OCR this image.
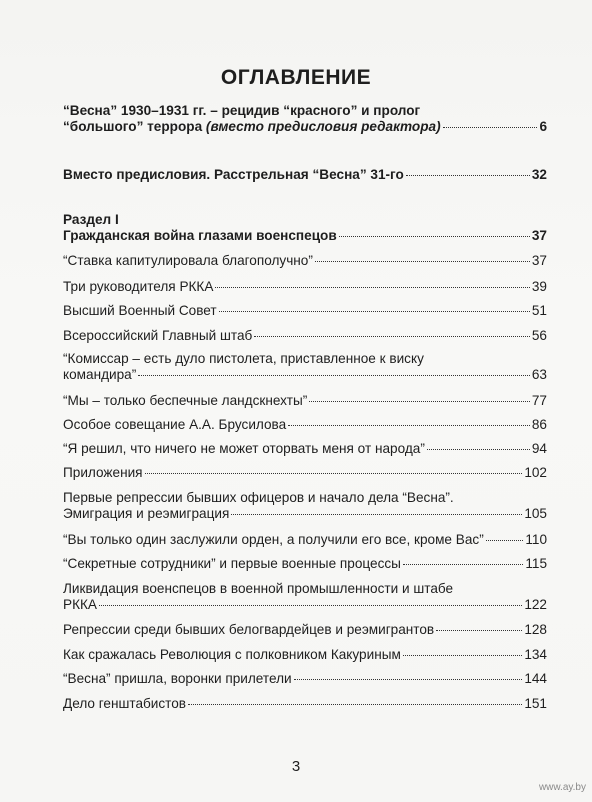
ОГЛАВЛЕНИЕ
“Весна” 1930–1931 гг. – рецидив “красного” и пролог
“большого” террора (вместо предисловия редактора)	6
Вместо предисловия. Расстрельная “Весна” 31-го	32
Раздел I
Гражданская война глазами военспецов	37
“Ставка капитулировала благополучно”	37
Три руководителя РККА	39
Высший Военный Совет	51
Всероссийский Главный штаб	56
“Комиссар – есть дуло пистолета, приставленное к виску
командира”	63
“Мы – только беспечные ландскнехты”	77
Особое совещание А.А. Брусилова	86
“Я решил, что ничего не может оторвать меня от народа”	94
Приложения	102
Первые репрессии бывших офицеров и начало дела “Весна”.
Эмиграция и реэмиграция	105
“Вы только один заслужили орден, а получили его все, кроме Вас”	110
“Секретные сотрудники” и первые военные процессы	115
Ликвидация военспецов в военной промышленности и штабе
РККА	122
Репрессии среди бывших белогвардейцев и реэмигрантов	128
Как сражалась Революция с полковником Какуриным	134
“Весна” пришла, воронки прилетели	144
Дело генштабистов	151
3
www.ay.by
